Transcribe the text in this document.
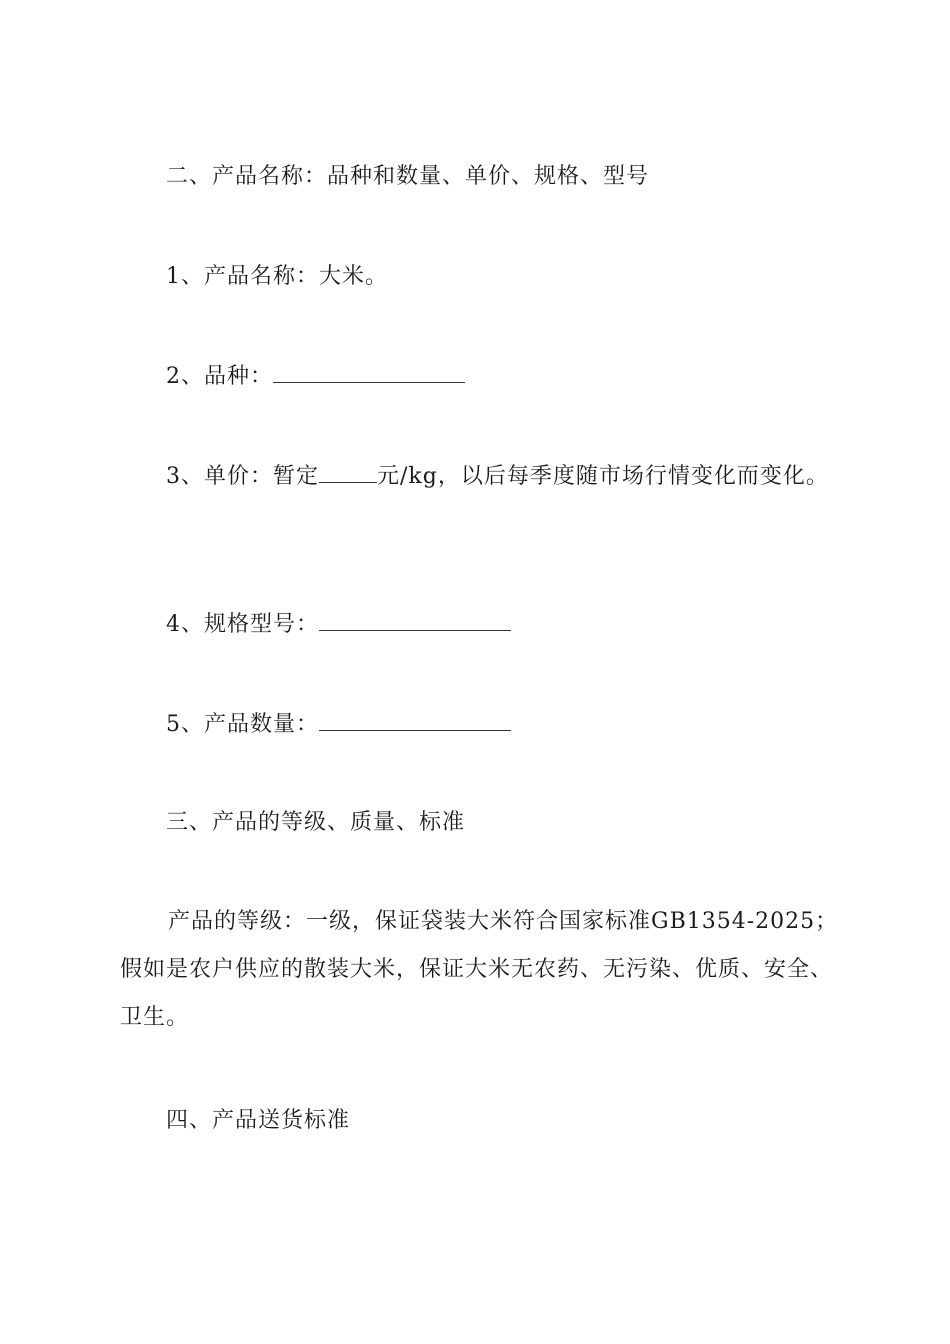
二、产品名称：品种和数量、单价、规格、型号
1、产品名称：大米。
2、品种：
3、单价：暂定	元/kg，以后每季度随市场行情变化而变化。
4、规格型号：
5、产品数量：
三、产品的等级、质量、标准
产品的等级：一级，保证袋装大米符合国家标准GB1354-2025；假如是农户供应的散装大米，保证大米无农药、无污染、优质、安全、卫生。
四、产品送货标准
